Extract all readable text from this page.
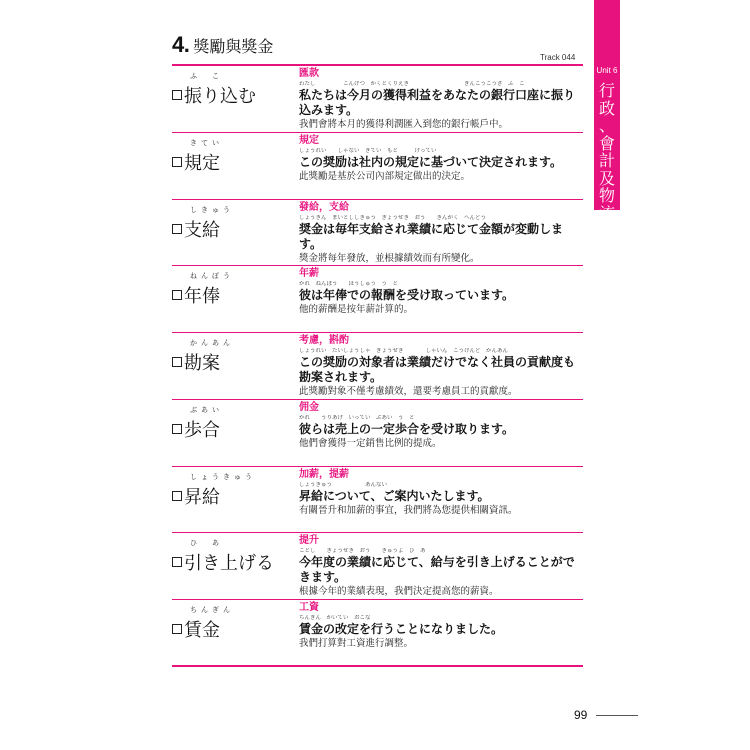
4. 獎勵與獎金
Track 044
Unit 6
行
政
、
會
計
及
物
流
ふ　こ
振り込む
匯款
わたし　　　　　こんげつ　かくとくりえき　　　　　　　　　　ぎんこうこうざ　ふ　こ
私たちは今月の獲得利益をあなたの銀行口座に振り込みます。
我們會將本月的獲得利潤匯入到您的銀行帳戶中。
きてい
規定
規定
しょうれい　　しゃない　きてい　もと　　　けってい
この奨励は社内の規定に基づいて決定されます。
此獎勵是基於公司內部規定做出的決定。
しきゅう
支給
發給，支給
しょうきん　まいとししきゅう　ぎょうせき　おう　　きんがく　へんどう
奨金は毎年支給され業績に応じて金額が変動します。
獎金將每年發放，並根據績效而有所變化。
ねんぽう
年俸
年薪
かれ　ねんぽう　　ほうしゅう　う　と
彼は年俸での報酬を受け取っています。
他的薪酬是按年薪計算的。
かんあん
勘案
考慮，斟酌
しょうれい　たいしょうしゃ　ぎょうせき　　　　しゃいん　こうけんど　かんあん
この奨励の対象者は業績だけでなく社員の貢献度も勘案されます。
此獎勵對象不僅考慮績效，還要考慮員工的貢獻度。
ぶあい
歩合
佣金
かれ　　うりあげ　いってい　ぶあい　う　と
彼らは売上の一定歩合を受け取ります。
他們會獲得一定銷售比例的提成。
しょうきゅう
昇給
加薪，提薪
しょうきゅう　　　　　　あんない
昇給について、ご案内いたします。
有關晉升和加薪的事宜，我們將為您提供相關資訊。
ひ　あ
引き上げる
提升
ことし　　ぎょうせき　おう　　きゅうよ　ひ　あ
今年度の業績に応じて、給与を引き上げることができます。
根據今年的業績表現，我們決定提高您的薪資。
ちんぎん
賃金
工資
ちんぎん　かいてい　おこな
賃金の改定を行うことになりました。
我們打算對工資進行調整。
99
